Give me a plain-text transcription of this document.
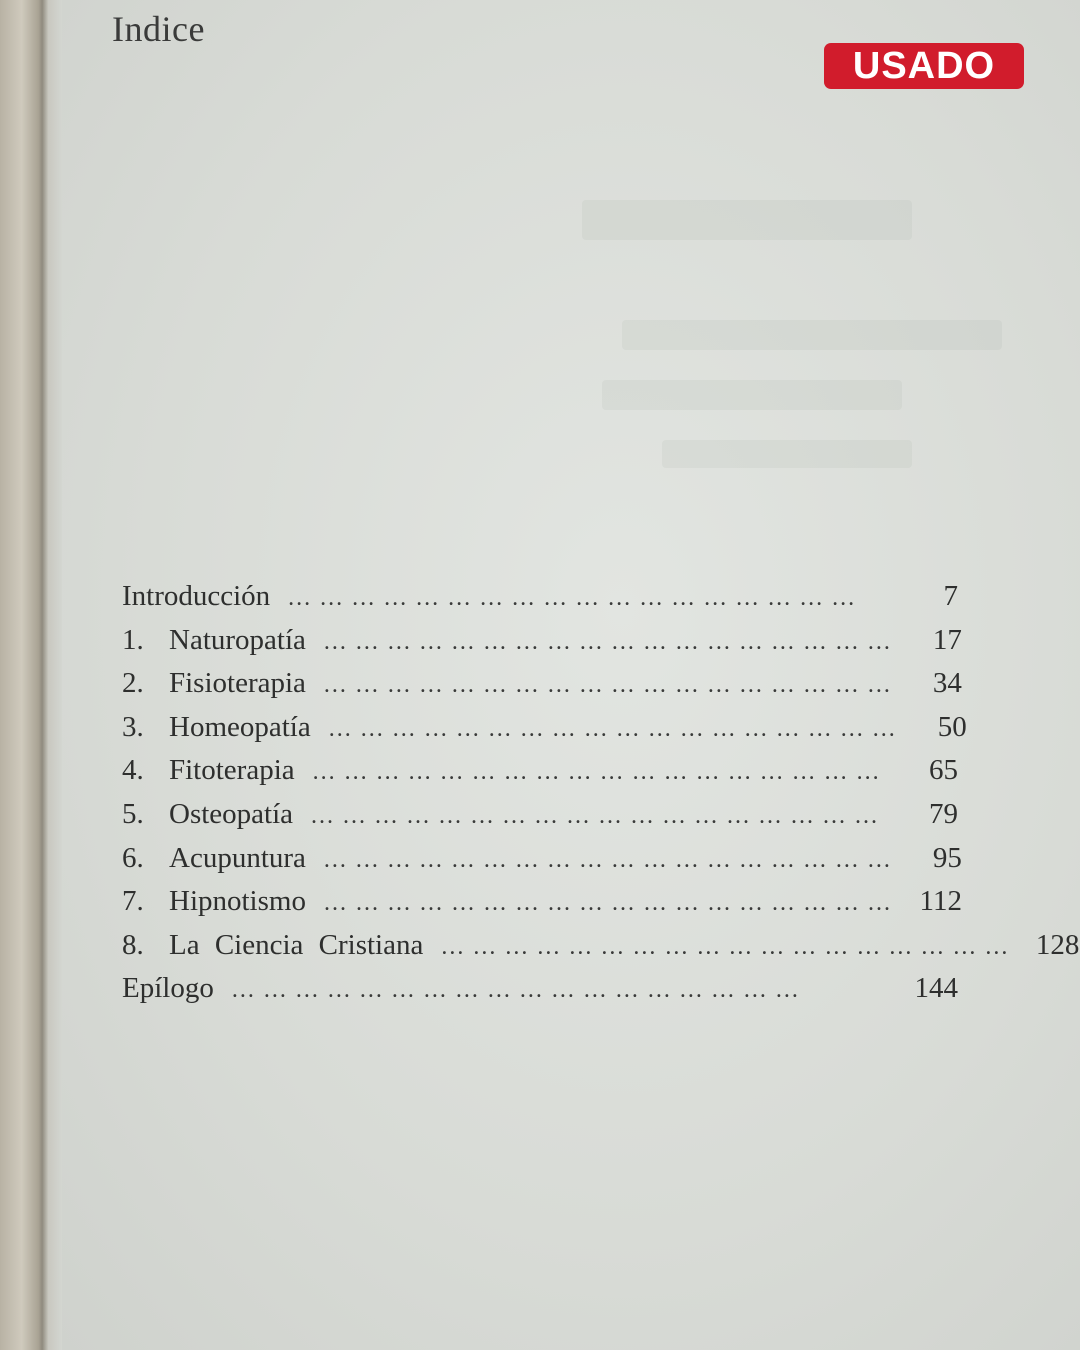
Indice
USADO
Introducción ... ... ... ... ... ... ... ... ... ... ... ... ... ... ... ... ... ...	7
1. Naturopatía ... ... ... ... ... ... ... ... ... ... ... ... ... ... ... ... ... ...	17
2. Fisioterapia ... ... ... ... ... ... ... ... ... ... ... ... ... ... ... ... ... ...	34
3. Homeopatía ... ... ... ... ... ... ... ... ... ... ... ... ... ... ... ... ... ...	50
4. Fitoterapia ... ... ... ... ... ... ... ... ... ... ... ... ... ... ... ... ... ...	65
5. Osteopatía ... ... ... ... ... ... ... ... ... ... ... ... ... ... ... ... ... ...	79
6. Acupuntura ... ... ... ... ... ... ... ... ... ... ... ... ... ... ... ... ... ...	95
7. Hipnotismo ... ... ... ... ... ... ... ... ... ... ... ... ... ... ... ... ... ... 112
8. La Ciencia Cristiana ... ... ... ... ... ... ... ... ... ... ... ... ... ... ... ... ... ... 128
Epílogo ... ... ... ... ... ... ... ... ... ... ... ... ... ... ... ... ... ...	144
